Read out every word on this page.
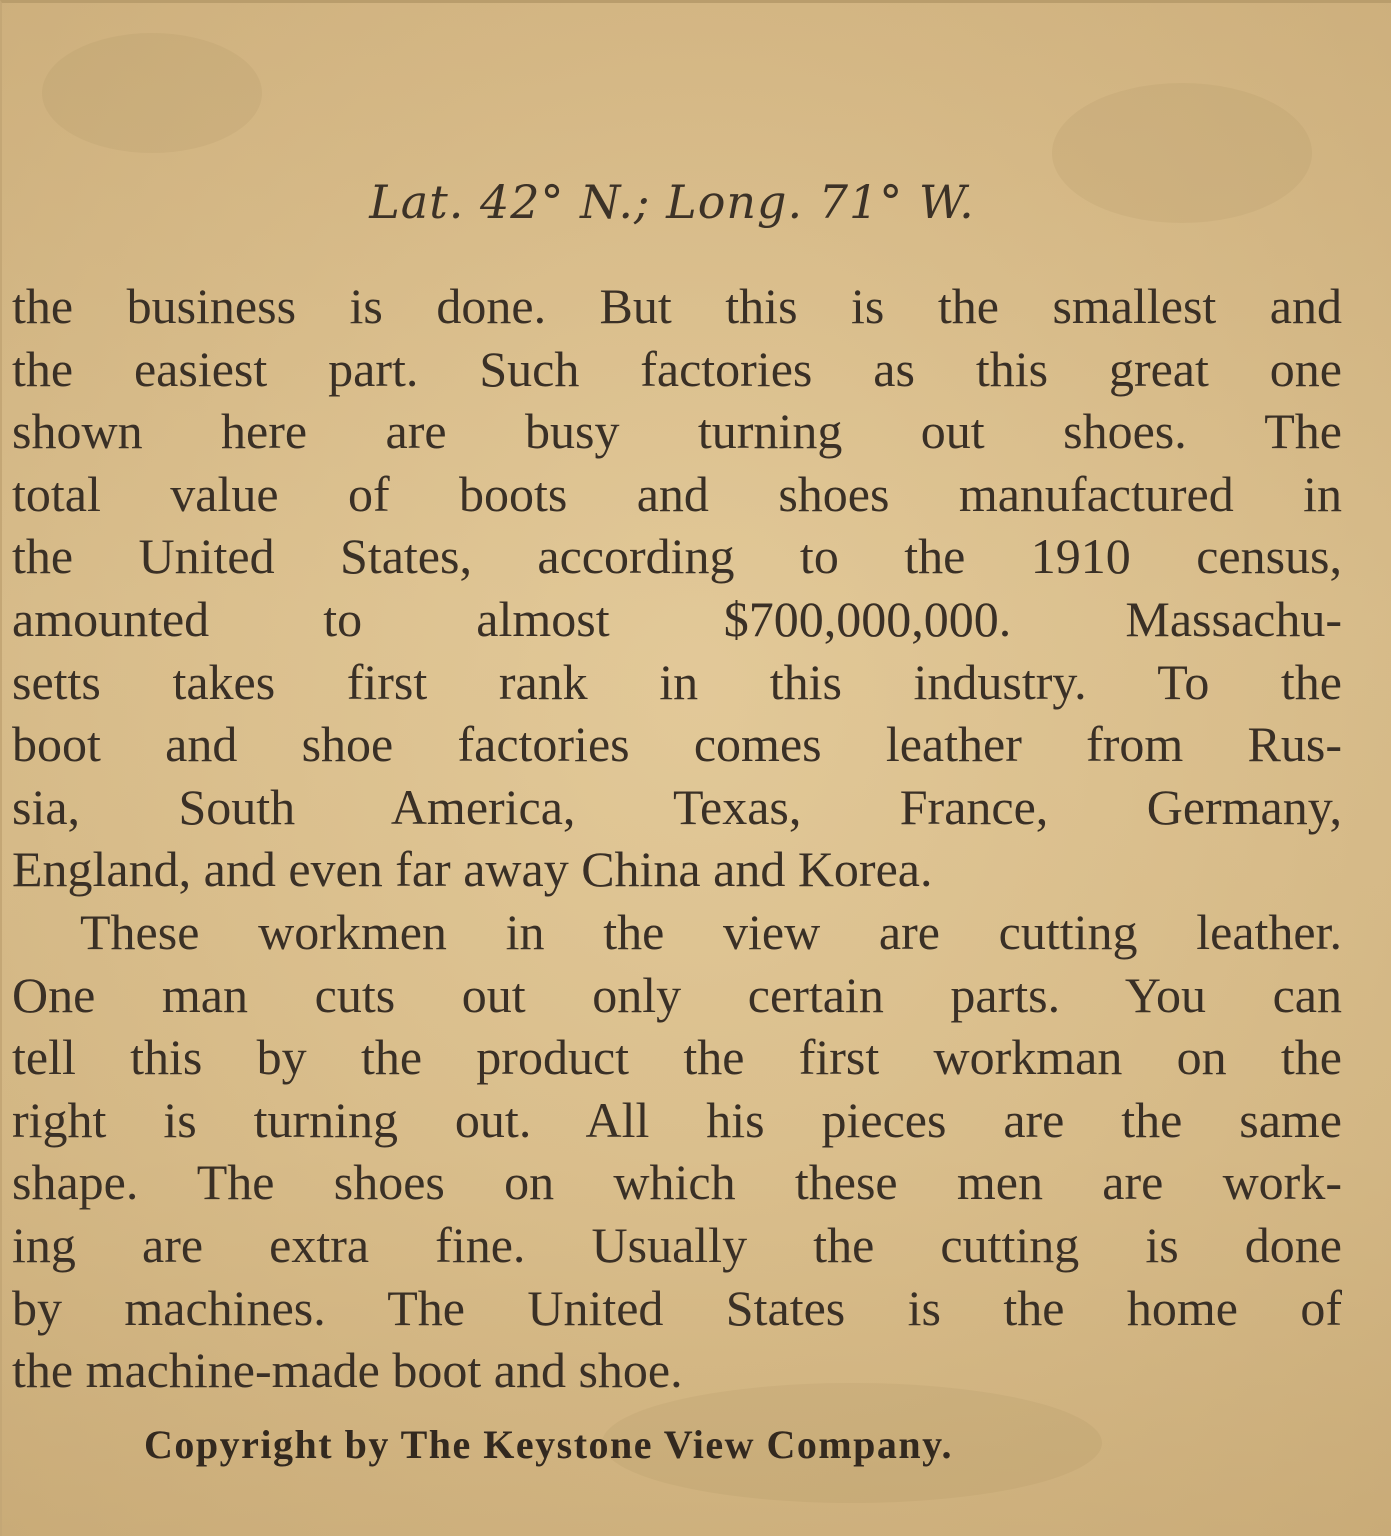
Lat. 42° N.; Long. 71° W.
the business is done. But this is the smallest and
the easiest part. Such factories as this great one
shown here are busy turning out shoes. The
total value of boots and shoes manufactured in
the United States, according to the 1910 census,
amounted to almost $700,000,000. Massachu-
setts takes first rank in this industry. To the
boot and shoe factories comes leather from Rus-
sia, South America, Texas, France, Germany,
England, and even far away China and Korea.
These workmen in the view are cutting leather.
One man cuts out only certain parts. You can
tell this by the product the first workman on the
right is turning out. All his pieces are the same
shape. The shoes on which these men are work-
ing are extra fine. Usually the cutting is done
by machines. The United States is the home of
the machine-made boot and shoe.
Copyright by The Keystone View Company.
